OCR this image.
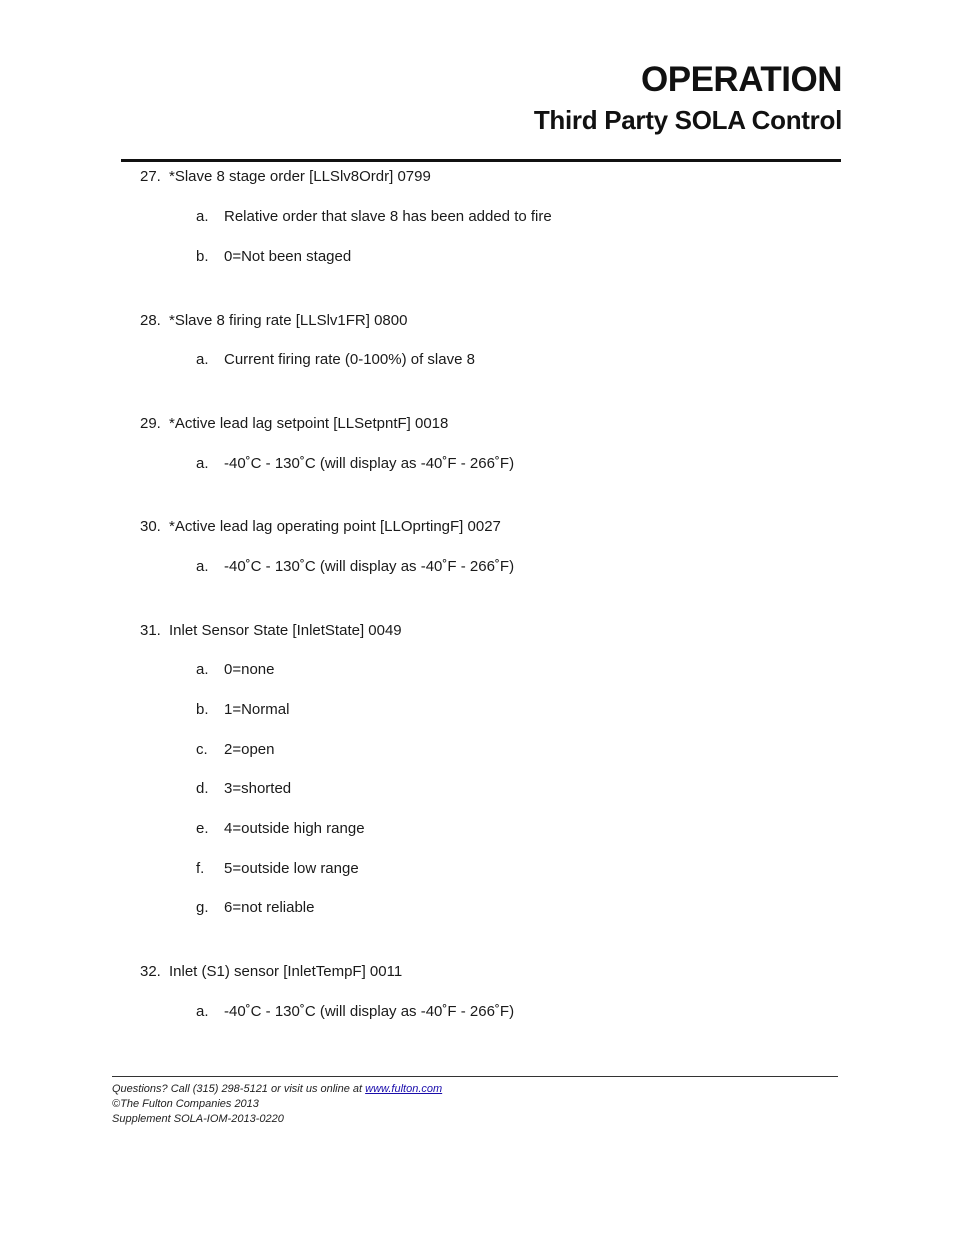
OPERATION
Third Party SOLA Control
27. *Slave 8 stage order [LLSlv8Ordr] 0799
a. Relative order that slave 8 has been added to fire
b. 0=Not been staged
28. *Slave 8 firing rate [LLSlv1FR] 0800
a. Current firing rate (0-100%) of slave 8
29. *Active lead lag setpoint [LLSetpntF] 0018
a. -40˚C - 130˚C (will display as -40˚F - 266˚F)
30. *Active lead lag operating point [LLOprtingF] 0027
a. -40˚C - 130˚C (will display as -40˚F - 266˚F)
31. Inlet Sensor State [InletState] 0049
a. 0=none
b. 1=Normal
c. 2=open
d. 3=shorted
e. 4=outside high range
f. 5=outside low range
g. 6=not reliable
32. Inlet (S1) sensor [InletTempF] 0011
a. -40˚C - 130˚C (will display as -40˚F - 266˚F)
Questions? Call (315) 298-5121 or visit us online at www.fulton.com
©The Fulton Companies 2013
Supplement SOLA-IOM-2013-0220
